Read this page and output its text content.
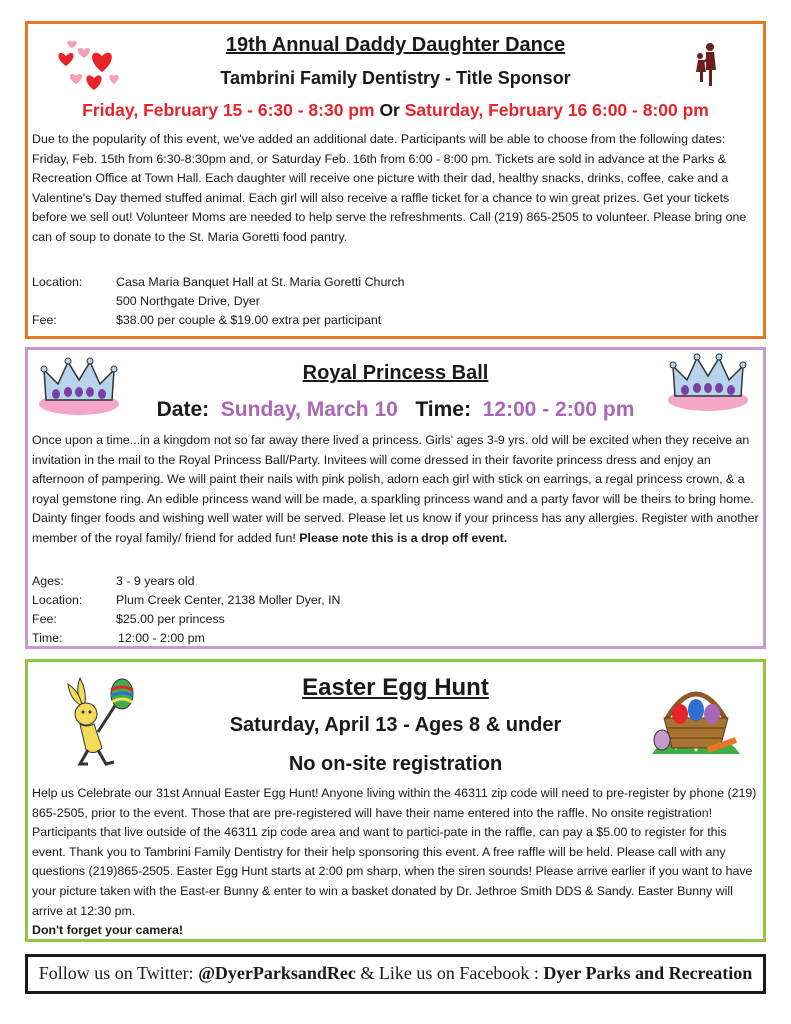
19th Annual Daddy Daughter Dance
Tambrini Family Dentistry - Title Sponsor
Friday, February 15 - 6:30 - 8:30 pm Or Saturday, February 16 6:00 - 8:00 pm
Due to the popularity of this event, we've added an additional date. Participants will be able to choose from the following dates: Friday, Feb. 15th from 6:30-8:30pm and, or Saturday Feb. 16th from 6:00 - 8:00 pm. Tickets are sold in advance at the Parks & Recreation Office at Town Hall. Each daughter will receive one picture with their dad, healthy snacks, drinks, coffee, cake and a Valentine's Day themed stuffed animal. Each girl will also receive a raffle ticket for a chance to win great prizes. Get your tickets before we sell out! Volunteer Moms are needed to help serve the refreshments. Call (219) 865-2505 to volunteer. Please bring one can of soup to donate to the St. Maria Goretti food pantry.
Location:	Casa Maria Banquet Hall at St. Maria Goretti Church
500 Northgate Drive, Dyer
Fee:	$38.00 per couple & $19.00 extra per participant
Royal Princess Ball
Date: Sunday, March 10 Time: 12:00 - 2:00 pm
Once upon a time...in a kingdom not so far away there lived a princess. Girls' ages 3-9 yrs. old will be excited when they receive an invitation in the mail to the Royal Princess Ball/Party. Invitees will come dressed in their favorite princess dress and enjoy an afternoon of pampering. We will paint their nails with pink polish, adorn each girl with stick on earrings, a regal princess crown, & a royal gemstone ring. An edible princess wand will be made, a sparkling princess wand and a party favor will be theirs to bring home. Dainty finger foods and wishing well water will be served. Please let us know if your princess has any allergies. Register with another member of the royal family/ friend for added fun! Please note this is a drop off event.
Ages:	3 - 9 years old
Location:	Plum Creek Center, 2138 Moller Dyer, IN
Fee:	$25.00 per princess
Time:	12:00 - 2:00 pm
Easter Egg Hunt
Saturday, April 13 - Ages 8 & under
No on-site registration
Help us Celebrate our 31st Annual Easter Egg Hunt! Anyone living within the 46311 zip code will need to pre-register by phone (219) 865-2505, prior to the event. Those that are pre-registered will have their name entered into the raffle. No onsite registration! Participants that live outside of the 46311 zip code area and want to partici-pate in the raffle, can pay a $5.00 to register for this event. Thank you to Tambrini Family Dentistry for their help sponsoring this event. A free raffle will be held. Please call with any questions (219)865-2505. Easter Egg Hunt starts at 2:00 pm sharp, when the siren sounds! Please arrive earlier if you want to have your picture taken with the East-er Bunny & enter to win a basket donated by Dr. Jethroe Smith DDS & Sandy. Easter Bunny will arrive at 12:30 pm.
Don't forget your camera!
Follow us on Twitter: @DyerParksandRec & Like us on Facebook : Dyer Parks and Recreation
